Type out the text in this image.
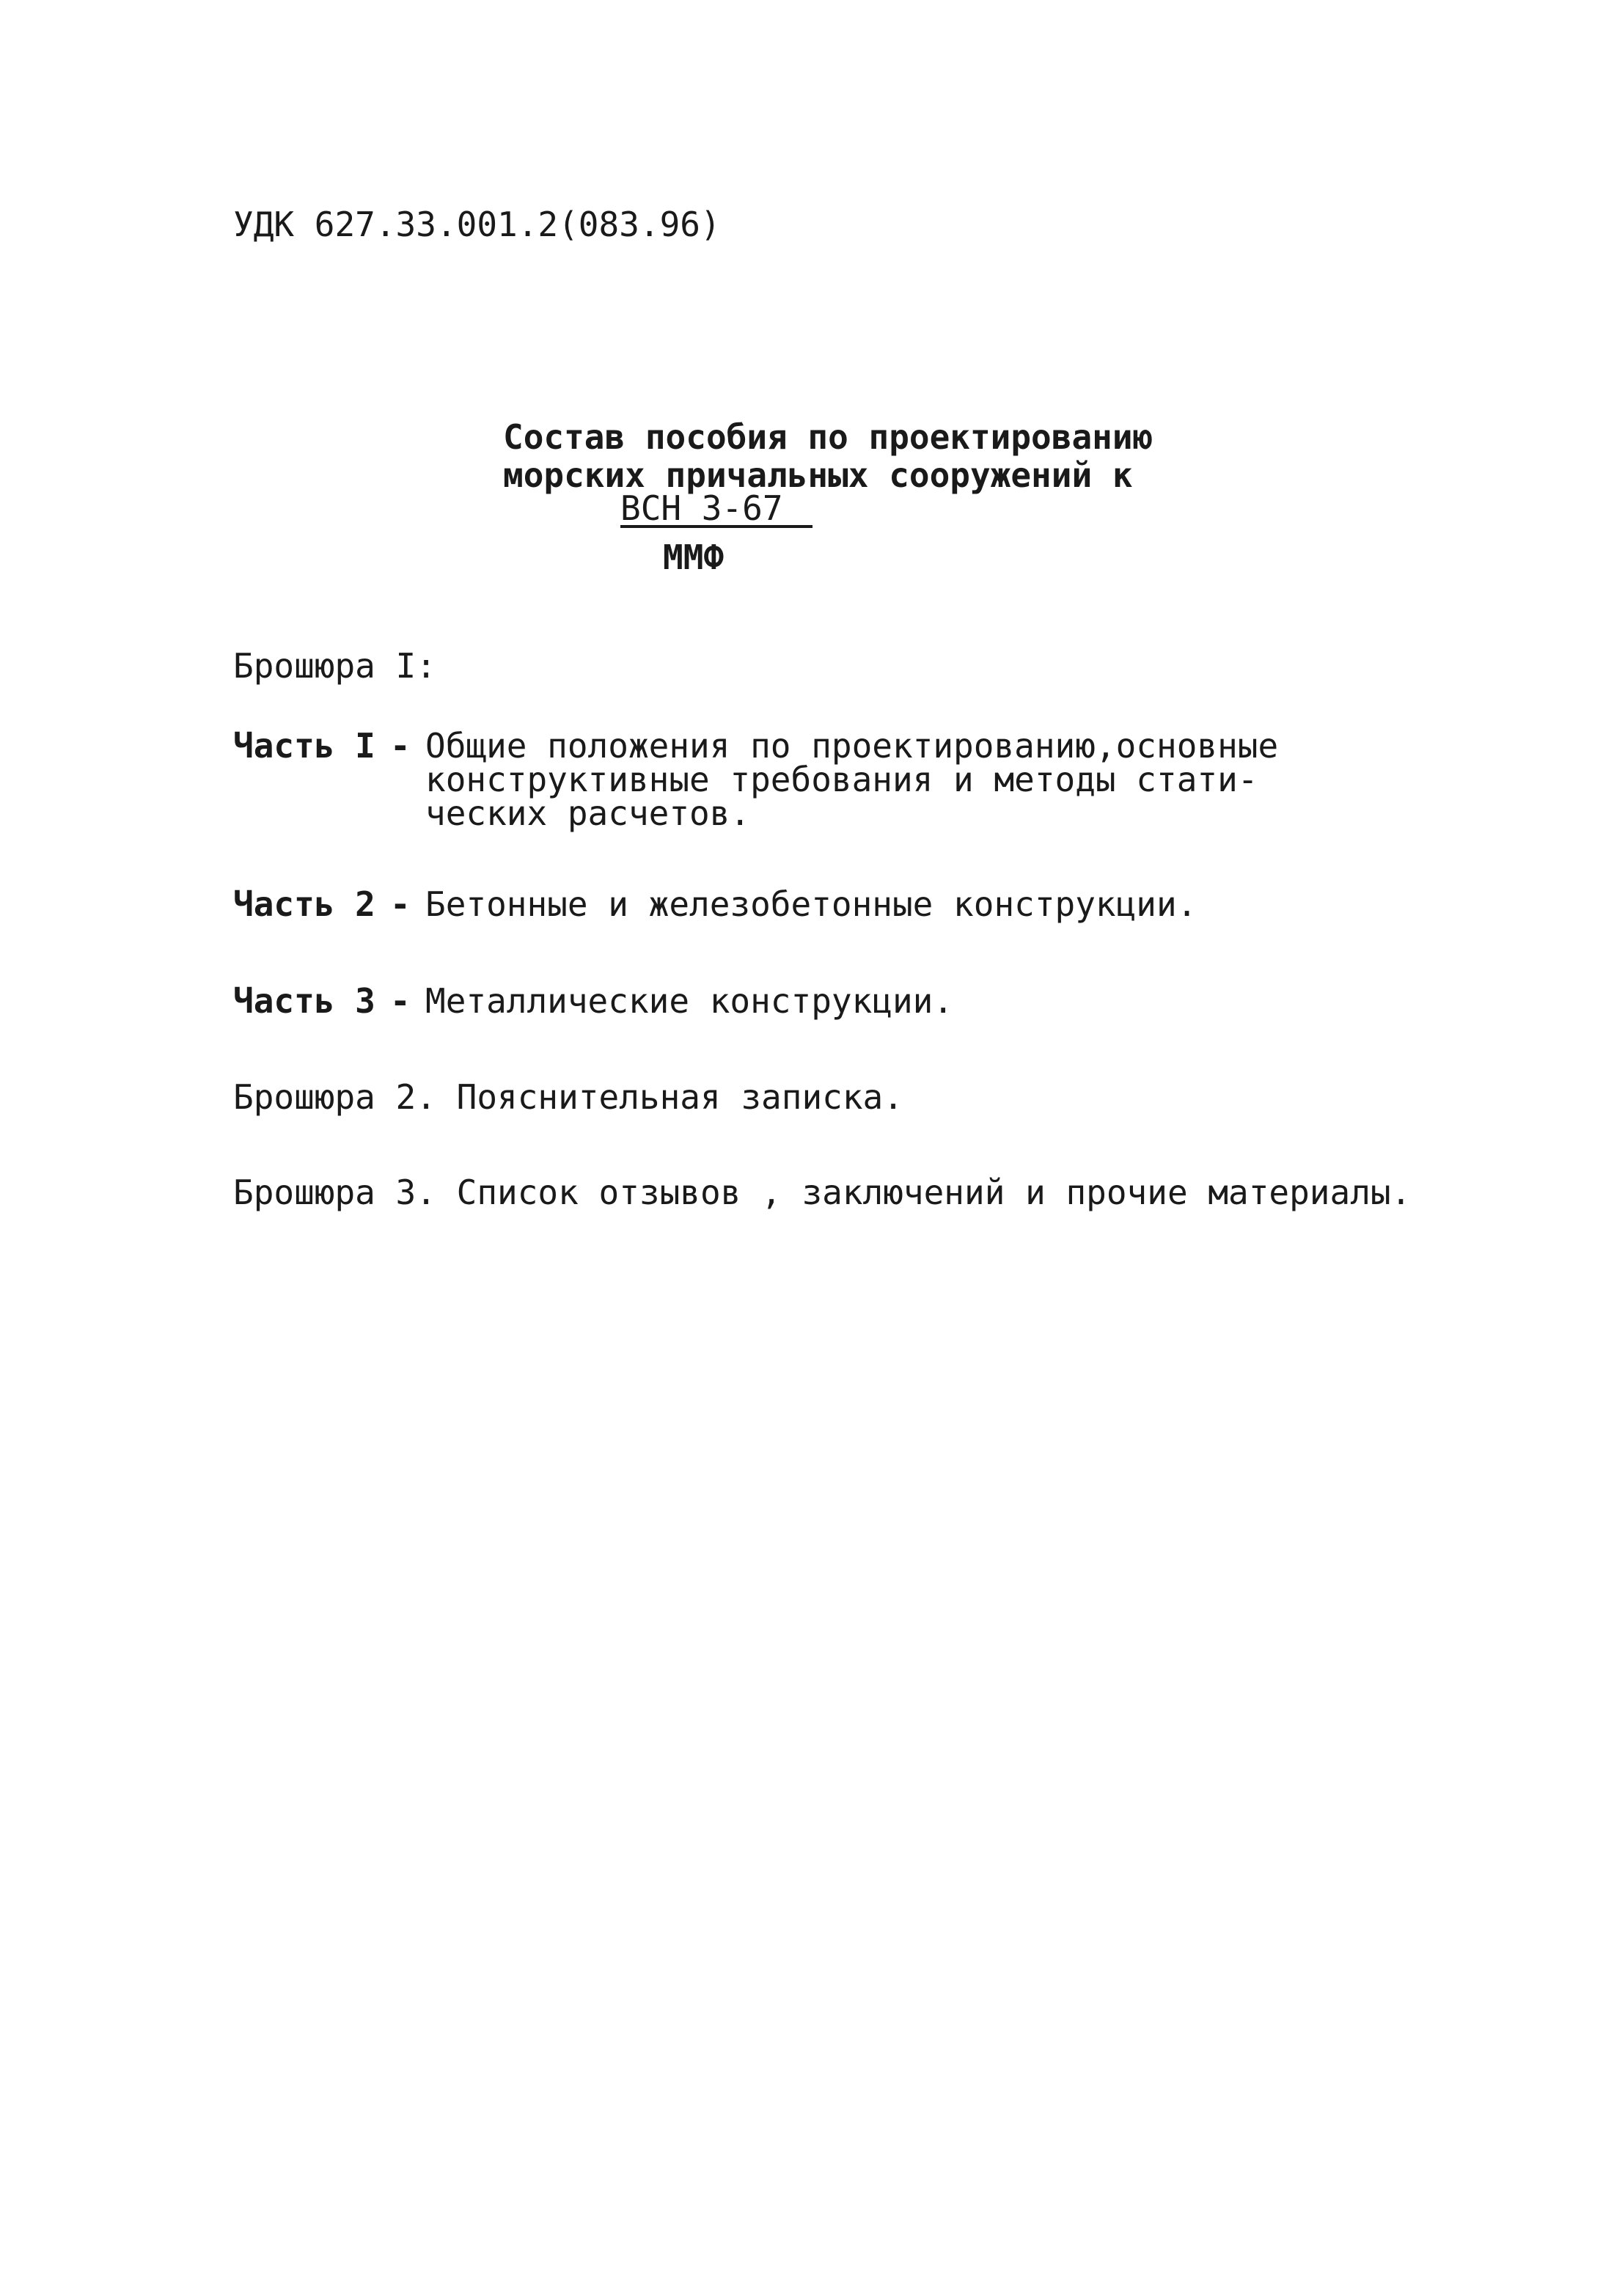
УДК 627.33.001.2(083.96)
Состав пособия по проектированию
морских причальных сооружений к
ВСН 3-67
ММФ
Брошюра I:

Часть I

-

Общие положения по проектированию,основные

конструктивные требования и методы стати-
ческих расчетов.

Часть 2

-

Бетонные и железобетонные конструкции.

Часть 3

-

Металлические конструкции.

Брошюра 2. Пояснительная записка.
Брошюра 3. Список отзывов , заключений и прочие материалы.
